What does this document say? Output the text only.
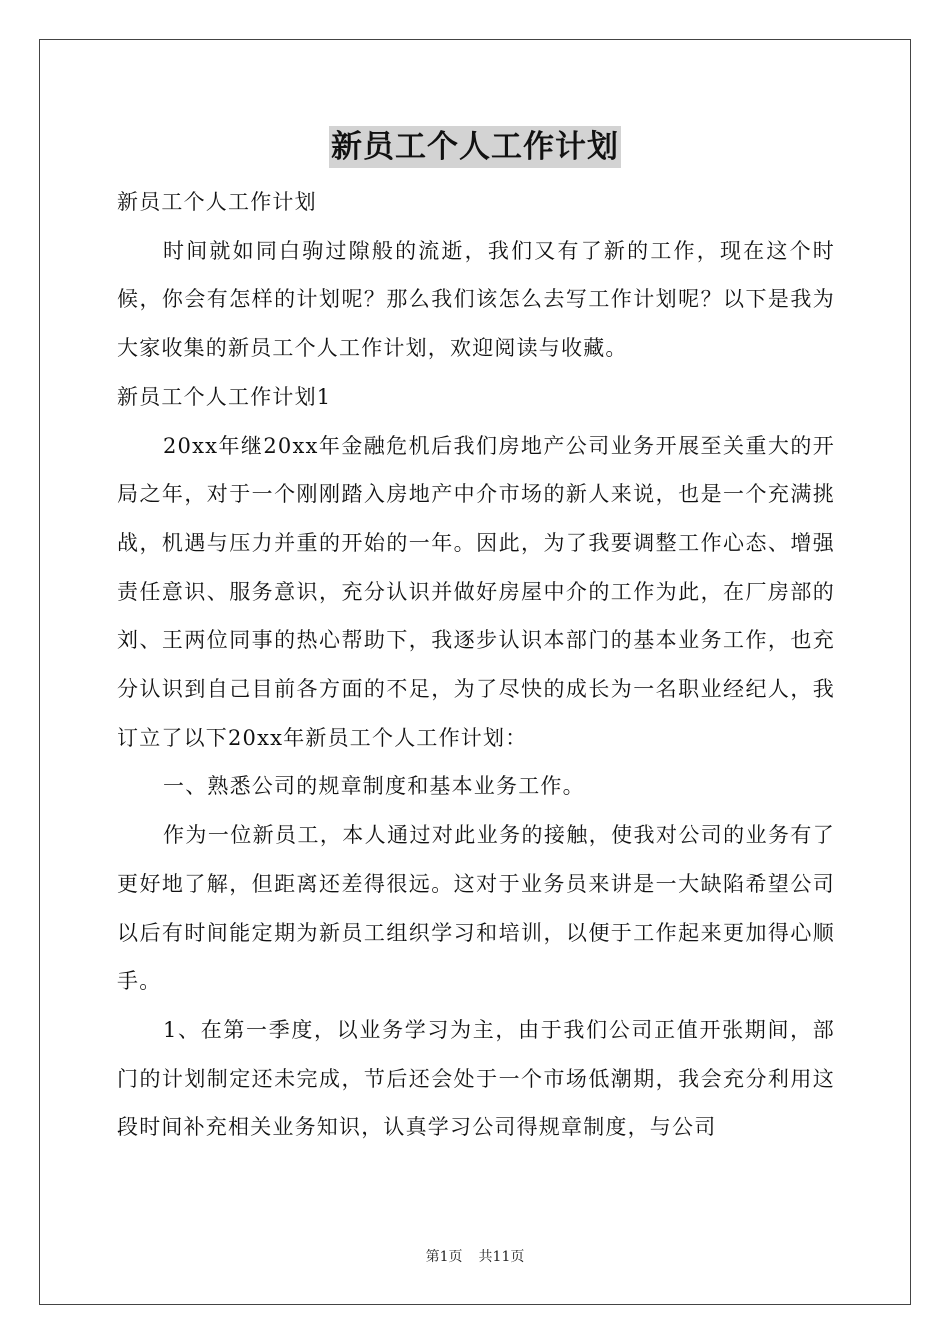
新员工个人工作计划

新员工个人工作计划

时间就如同白驹过隙般的流逝，我们又有了新的工作，现在这个时候，你会有怎样的计划呢？那么我们该怎么去写工作计划呢？以下是我为大家收集的新员工个人工作计划，欢迎阅读与收藏。

新员工个人工作计划1

20xx年继20xx年金融危机后我们房地产公司业务开展至关重大的开局之年，对于一个刚刚踏入房地产中介市场的新人来说，也是一个充满挑战，机遇与压力并重的开始的一年。因此，为了我要调整工作心态、增强责任意识、服务意识，充分认识并做好房屋中介的工作为此，在厂房部的刘、王两位同事的热心帮助下，我逐步认识本部门的基本业务工作，也充分认识到自己目前各方面的不足，为了尽快的成长为一名职业经纪人，我订立了以下20xx年新员工个人工作计划：

一、熟悉公司的规章制度和基本业务工作。

作为一位新员工，本人通过对此业务的接触，使我对公司的业务有了更好地了解，但距离还差得很远。这对于业务员来讲是一大缺陷希望公司以后有时间能定期为新员工组织学习和培训，以便于工作起来更加得心顺手。

1、在第一季度，以业务学习为主，由于我们公司正值开张期间，部门的计划制定还未完成，节后还会处于一个市场低潮期，我会充分利用这段时间补充相关业务知识，认真学习公司得规章制度，与公司

第1页 共11页
